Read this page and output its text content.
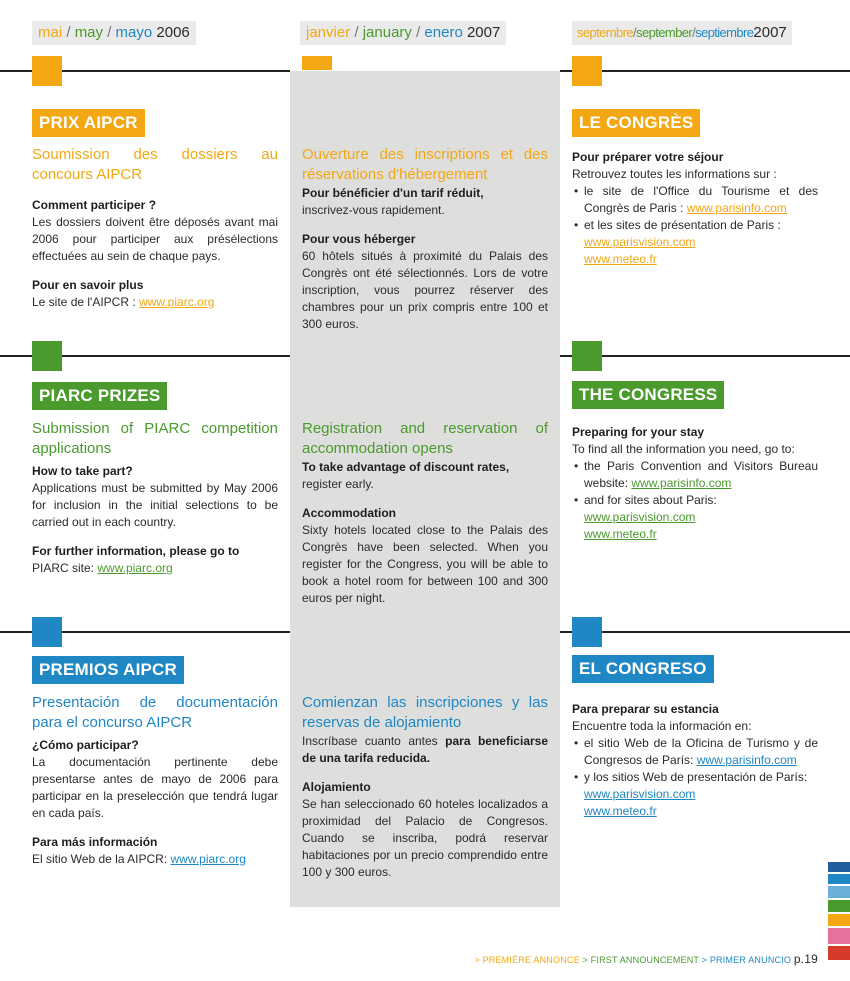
mai / may / mayo 2006	janvier / january / enero 2007	septembre/september/septiembre2007
PRIX AIPCR
Soumission des dossiers au concours AIPCR
Comment participer ?
Les dossiers doivent être déposés avant mai 2006 pour participer aux présélections effectuées au sein de chaque pays.
Pour en savoir plus
Le site de l'AIPCR : www.piarc.org
Ouverture des inscriptions et des réservations d'hébergement
Pour bénéficier d'un tarif réduit,
inscrivez-vous rapidement.
Pour vous héberger
60 hôtels situés à proximité du Palais des Congrès ont été sélectionnés. Lors de votre inscription, vous pourrez réserver des chambres pour un prix compris entre 100 et 300 euros.
LE CONGRÈS
Pour préparer votre séjour
Retrouvez toutes les informations sur :
• le site de l'Office du Tourisme et des Congrès de Paris : www.parisinfo.com
• et les sites de présentation de Paris :
www.parisvision.com
www.meteo.fr
PIARC PRIZES
Submission of PIARC competition applications
How to take part?
Applications must be submitted by May 2006 for inclusion in the initial selections to be carried out in each country.
For further information, please go to
PIARC site: www.piarc.org
Registration and reservation of accommodation opens
To take advantage of discount rates,
register early.
Accommodation
Sixty hotels located close to the Palais des Congrès have been selected. When you register for the Congress, you will be able to book a hotel room for between 100 and 300 euros per night.
THE CONGRESS
Preparing for your stay
To find all the information you need, go to:
• the Paris Convention and Visitors Bureau website: www.parisinfo.com
• and for sites about Paris:
www.parisvision.com
www.meteo.fr
PREMIOS AIPCR
Presentación de documentación para el concurso AIPCR
¿Cómo participar?
La documentación pertinente debe presentarse antes de mayo de 2006 para participar en la preselección que tendrá lugar en cada país.
Para más información
El sitio Web de la AIPCR: www.piarc.org
Comienzan las inscripciones y las reservas de alojamiento
Inscríbase cuanto antes para beneficiarse de una tarifa reducida.
Alojamiento
Se han seleccionado 60 hoteles localizados a proximidad del Palacio de Congresos. Cuando se inscriba, podrá reservar habitaciones por un precio comprendido entre 100 y 300 euros.
EL CONGRESO
Para preparar su estancia
Encuentre toda la información en:
• el sitio Web de la Oficina de Turismo y de Congresos de París: www.parisinfo.com
• y los sitios Web de presentación de París:
www.parisvision.com
www.meteo.fr
> PREMIÈRE ANNONCE > FIRST ANNOUNCEMENT > PRIMER ANUNCIO p.19
